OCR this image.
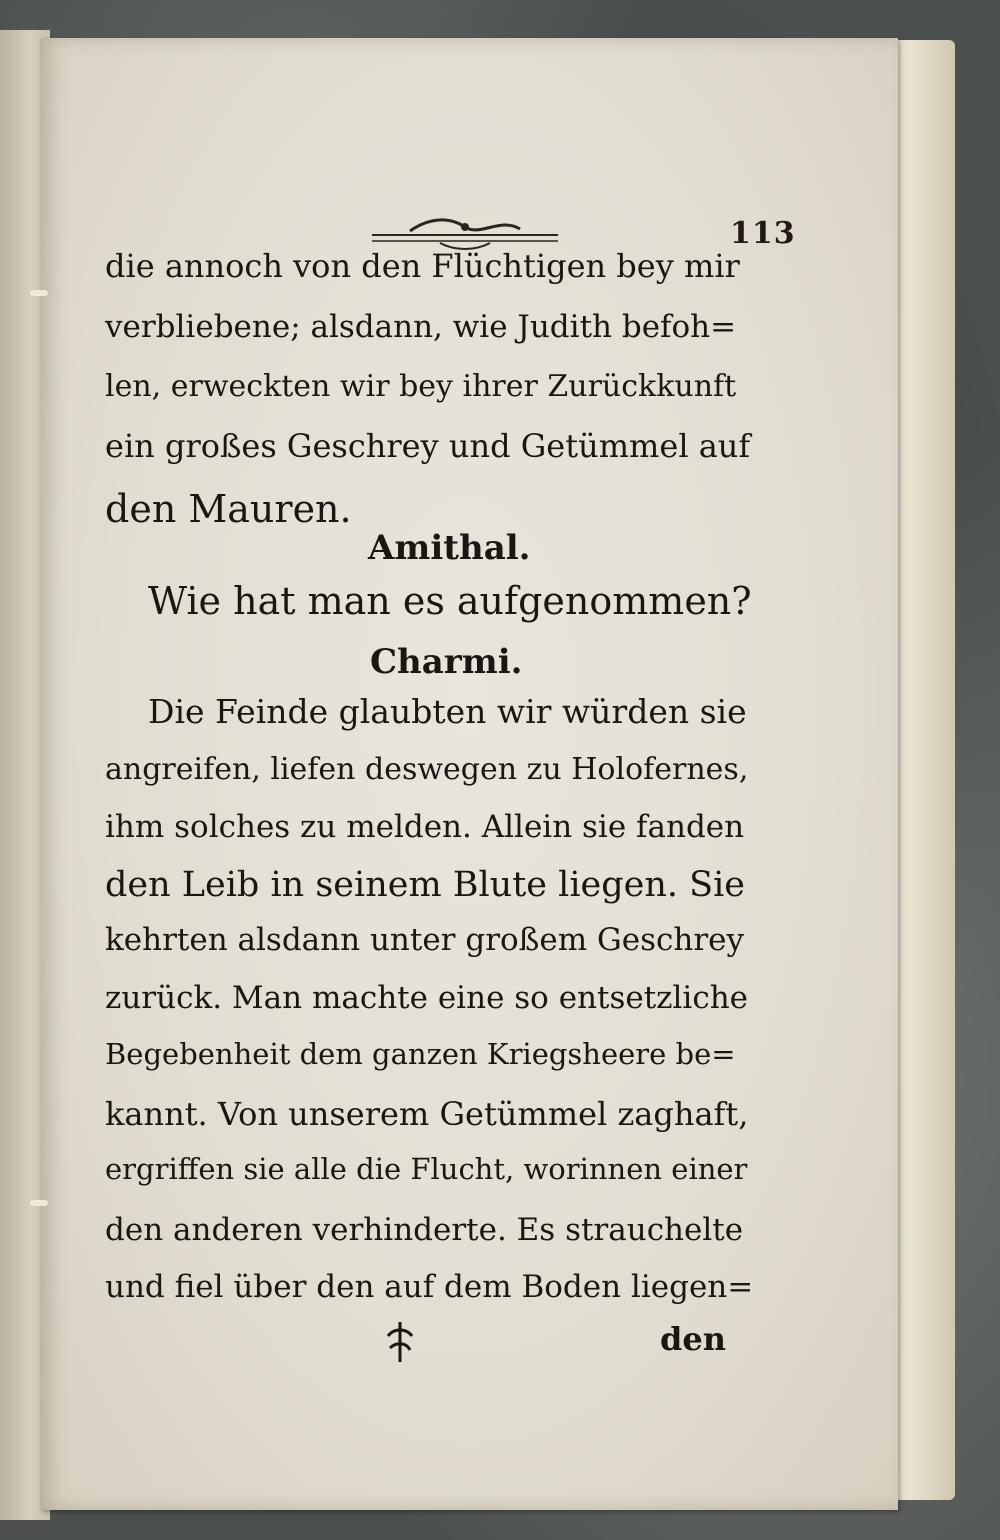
113
die annoch von den Flüchtigen bey mir
verbliebene; alsdann, wie Judith befoh=
len, erweckten wir bey ihrer Zurückkunft
ein großes Geschrey und Getümmel auf
den Mauren.
Amithal.
Wie hat man es aufgenommen?
Charmi.
Die Feinde glaubten wir würden sie
angreifen, liefen deswegen zu Holofernes,
ihm solches zu melden. Allein sie fanden
den Leib in seinem Blute liegen. Sie
kehrten alsdann unter großem Geschrey
zurück. Man machte eine so entsetzliche
Begebenheit dem ganzen Kriegsheere be=
kannt. Von unserem Getümmel zaghaft,
ergriffen sie alle die Flucht, worinnen einer
den anderen verhinderte. Es strauchelte
und fiel über den auf dem Boden liegen=
den
